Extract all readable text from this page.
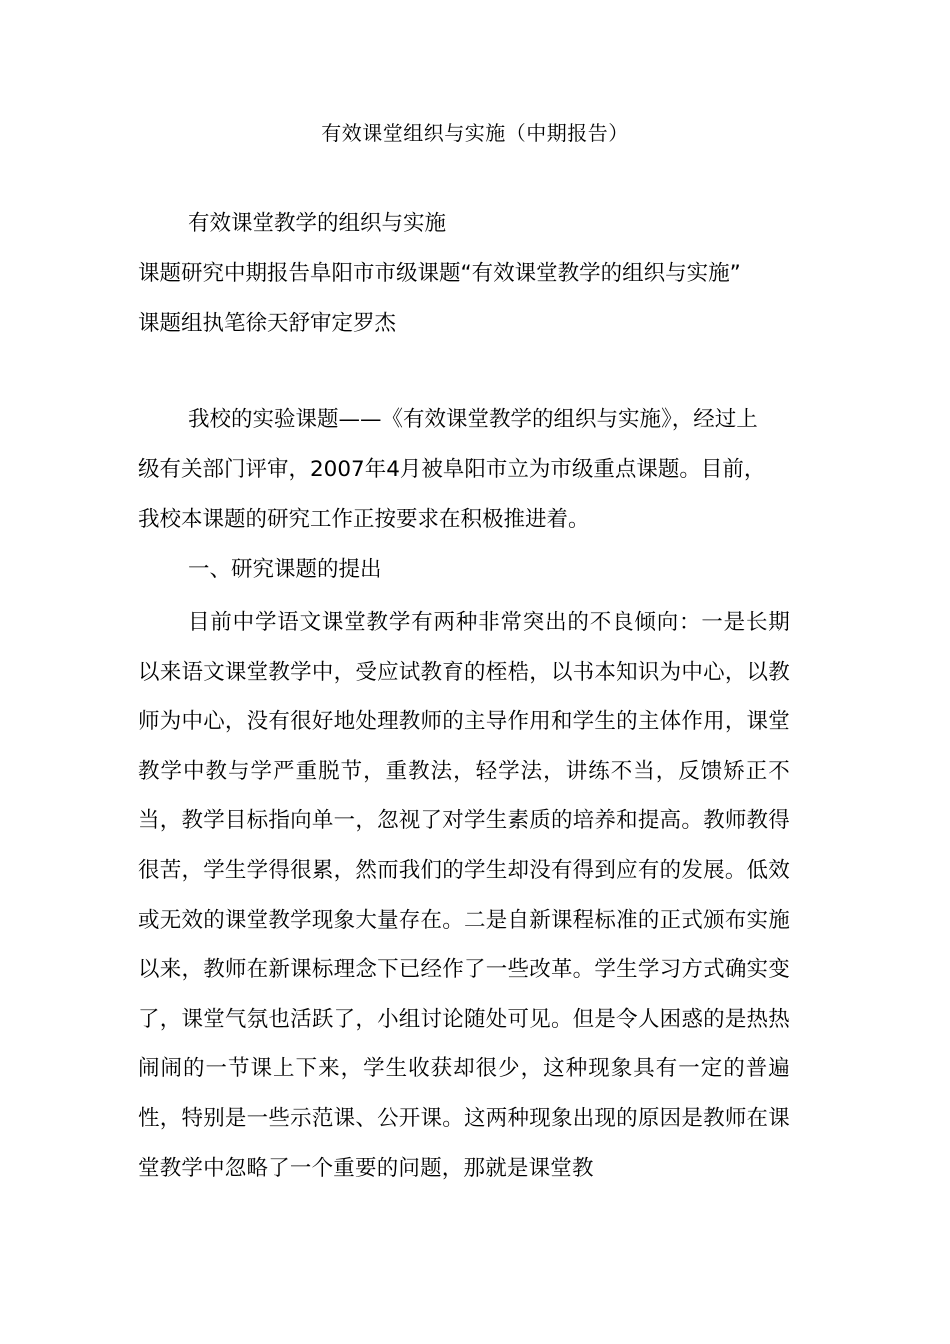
有效课堂组织与实施（中期报告）
有效课堂教学的组织与实施
课题研究中期报告阜阳市市级课题“有效课堂教学的组织与实施”
课题组执笔徐天舒审定罗杰
我校的实验课题——《有效课堂教学的组织与实施》，经过上
级有关部门评审，2007年4月被阜阳市立为市级重点课题。目前，
我校本课题的研究工作正按要求在积极推进着。
一、研究课题的提出
目前中学语文课堂教学有两种非常突出的不良倾向：一是长期以来语文课堂教学中，受应试教育的桎梏，以书本知识为中心，以教师为中心，没有很好地处理教师的主导作用和学生的主体作用，课堂教学中教与学严重脱节，重教法，轻学法，讲练不当，反馈矫正不当，教学目标指向单一，忽视了对学生素质的培养和提高。教师教得很苦，学生学得很累，然而我们的学生却没有得到应有的发展。低效或无效的课堂教学现象大量存在。二是自新课程标准的正式颁布实施以来，教师在新课标理念下已经作了一些改革。学生学习方式确实变了，课堂气氛也活跃了，小组讨论随处可见。但是令人困惑的是热热闹闹的一节课上下来，学生收获却很少，这种现象具有一定的普遍性，特别是一些示范课、公开课。这两种现象出现的原因是教师在课堂教学中忽略了一个重要的问题，那就是课堂教
